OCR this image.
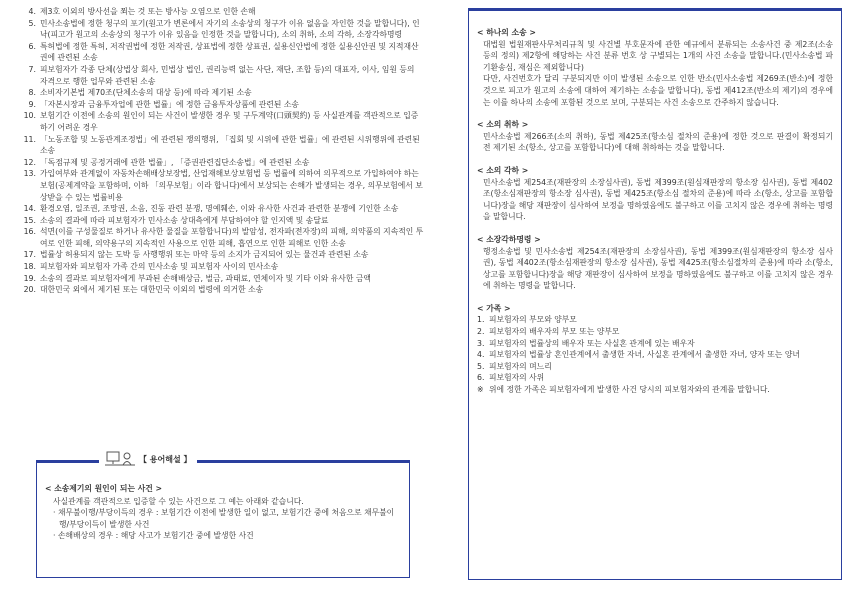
4. 제3호 이외의 방사선을 쬐는 것 또는 방사능 오염으로 인한 손해
5. 민사소송법에 정한 청구의 포기(원고가 변론에서 자기의 소송상의 청구가 이유 없음을 자인한 것을 말합니다), 인낙(피고가 원고의 소송상의 청구가 이유 있음을 인정한 것을 말합니다), 소의 취하, 소의 각하, 소장각하명령
6. 특허법에 정한 특허, 저작권법에 정한 저작권, 상표법에 정한 상표권, 실용신안법에 정한 실용신안권 및 지적재산권에 관련된 소송
7. 피보험자가 각종 단체(상법상 회사, 민법상 법인, 권리능력 없는 사단, 재단, 조합 등)의 대표자, 이사, 임원 등의 자격으로 행한 업무와 관련된 소송
8. 소비자기본법 제70조(단체소송의 대상 등)에 따라 제기된 소송
9. 「자본시장과 금융투자업에 관한 법률」에 정한 금융투자상품에 관련된 소송
10. 보험기간 이전에 소송의 원인이 되는 사건이 발생한 경우 및 구두계약(口頭契約) 등 사실관계를 객관적으로 입증하기 어려운 경우
11. 「노동조합 및 노동관계조정법」에 관련된 쟁의행위, 「집회 및 시위에 관한 법률」에 관련된 시위행위에 관련된 소송
12. 「독점규제 및 공정거래에 관한 법률」, 「증권관련집단소송법」에 관련된 소송
13. 가입여부와 관계없이 자동차손해배상보장법, 산업재해보상보험법 등 법률에 의하여 의무적으로 가입하여야 하는 보험(공제계약을 포함하며, 이하 「의무보험」이라 합니다)에서 보상되는 손해가 발생되는 경우, 의무보험에서 보상받을 수 있는 법률비용
14. 환경오염, 일조권, 조망권, 소음, 진동 관련 분쟁, 명예훼손, 이와 유사한 사건과 관련한 분쟁에 기인한 소송
15. 소송의 결과에 따라 피보험자가 민사소송 상대측에게 부담하여야 할 인지액 및 송달료
16. 석면(이를 구성물질로 하거나 유사한 물질을 포함합니다)의 발암성, 전자파(전자장)의 피해, 의약품의 지속적인 투여로 인한 피해, 의약용구의 지속적인 사용으로 인한 피해, 흡연으로 인한 피해로 인한 소송
17. 법률상 허용되지 않는 도박 등 사행행위 또는 마약 등의 소지가 금지되어 있는 물건과 관련된 소송
18. 피보험자와 피보험자 가족 간의 민사소송 및 피보험자 사이의 민사소송
19. 소송의 결과로 피보험자에게 부과된 손해배상금, 벌금, 과태료, 연체이자 및 기타 이와 유사한 금액
20. 대한민국 외에서 제기된 또는 대한민국 이외의 법령에 의거한 소송
【 용어해설 】
< 소송제기의 원인이 되는 사건 >
사실관계를 객관적으로 입증할 수 있는 사건으로 그 예는 아래와 같습니다.
· 채무불이행/부당이득의 경우 : 보험기간 이전에 발생한 일이 없고, 보험기간 중에 처음으로 채무불이행/부당이득이 발생한 사건
· 손해배상의 경우 : 해당 사고가 보험기간 중에 발생한 사건
< 하나의 소송 >
대법원 법원재판사무처리규칙 및 사건별 부호문자에 관한 예규에서 분류되는 소송사건 중 제2조(소송 등의 정의) 제2항에 해당하는 사건 분류 번호 상 구별되는 1개의 사건 소송을 말합니다.(민사소송법 파기환송심, 재심은 제외합니다)
다만, 사건번호가 달리 구분되지만 이미 발생된 소송으로 인한 반소(민사소송법 제269조(반소)에 정한 것으로 피고가 원고의 소송에 대하여 제기하는 소송을 말합니다), 동법 제412조(반소의 제기)의 경우에는 이를 하나의 소송에 포함된 것으로 보며, 구분되는 사건 소송으로 간주하지 않습니다.
< 소의 취하 >
민사소송법 제266조(소의 취하), 동법 제425조(항소심 절차의 준용)에 정한 것으로 판결이 확정되기 전 제기된 소(항소, 상고를 포함합니다)에 대해 취하하는 것을 말합니다.
< 소의 각하 >
민사소송법 제254조(재판장의 소장심사권), 동법 제399조(원심재판장의 항소장 심사권), 동법 제402조(항소심재판장의 항소장 심사권), 동법 제425조(항소심 절차의 준용)에 따라 소(항소, 상고를 포함합니다)장을 해당 재판장이 심사하여 보정을 명하였음에도 불구하고 이를 고치지 않은 경우에 취하는 명령을 말합니다.
< 소장각하명령 >
행정소송법 및 민사소송법 제254조(재판장의 소장심사권), 동법 제399조(원심재판장의 항소장 심사권), 동법 제402조(항소심재판장의 항소장 심사권), 동법 제425조(항소심절차의 준용)에 따라 소(항소, 상고를 포함합니다)장을 해당 재판장이 심사하여 보정을 명하였음에도 불구하고 이를 고치지 않은 경우에 취하는 명령을 말합니다.
< 가족 >
1. 피보험자의 부모와 양부모
2. 피보험자의 배우자의 부모 또는 양부모
3. 피보험자의 법률상의 배우자 또는 사실혼 관계에 있는 배우자
4. 피보험자의 법률상 혼인관계에서 출생한 자녀, 사실혼 관계에서 출생한 자녀, 양자 또는 양녀
5. 피보험자의 며느리
6. 피보험자의 사위
※ 위에 정한 가족은 피보험자에게 발생한 사건 당시의 피보험자와의 관계를 말합니다.
